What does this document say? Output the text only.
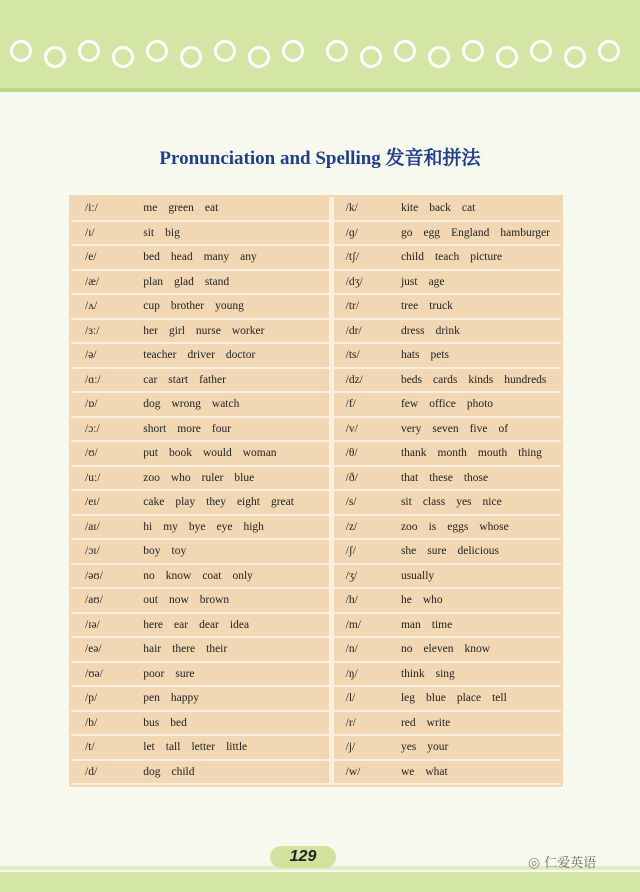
Pronunciation and Spelling 发音和拼法
/iː/	me green eat	/k/	kite back cat
/ɪ/	sit big	/ɡ/	go egg England hamburger
/e/	bed head many any	/tʃ/	child teach picture
/æ/	plan glad stand	/dʒ/	just age
/ʌ/	cup brother young	/tr/	tree truck
/ɜː/	her girl nurse worker	/dr/	dress drink
/ə/	teacher driver doctor	/ts/	hats pets
/ɑː/	car start father	/dz/	beds cards kinds hundreds
/ɒ/	dog wrong watch	/f/	few office photo
/ɔː/	short more four	/v/	very seven five of
/ʊ/	put book would woman	/θ/	thank month mouth thing
/uː/	zoo who ruler blue	/ð/	that these those
/eɪ/	cake play they eight great	/s/	sit class yes nice
/aɪ/	hi my bye eye high	/z/	zoo is eggs whose
/ɔɪ/	boy toy	/ʃ/	she sure delicious
/əʊ/	no know coat only	/ʒ/	usually
/aʊ/	out now brown	/h/	he who
/ɪə/	here ear dear idea	/m/	man time
/eə/	hair there their	/n/	no eleven know
/ʊə/	poor sure	/ŋ/	think sing
/p/	pen happy	/l/	leg blue place tell
/b/	bus bed	/r/	red write
/t/	let tall letter little	/j/	yes your
/d/	dog child	/w/	we what
129	◎ 仁爱英语
